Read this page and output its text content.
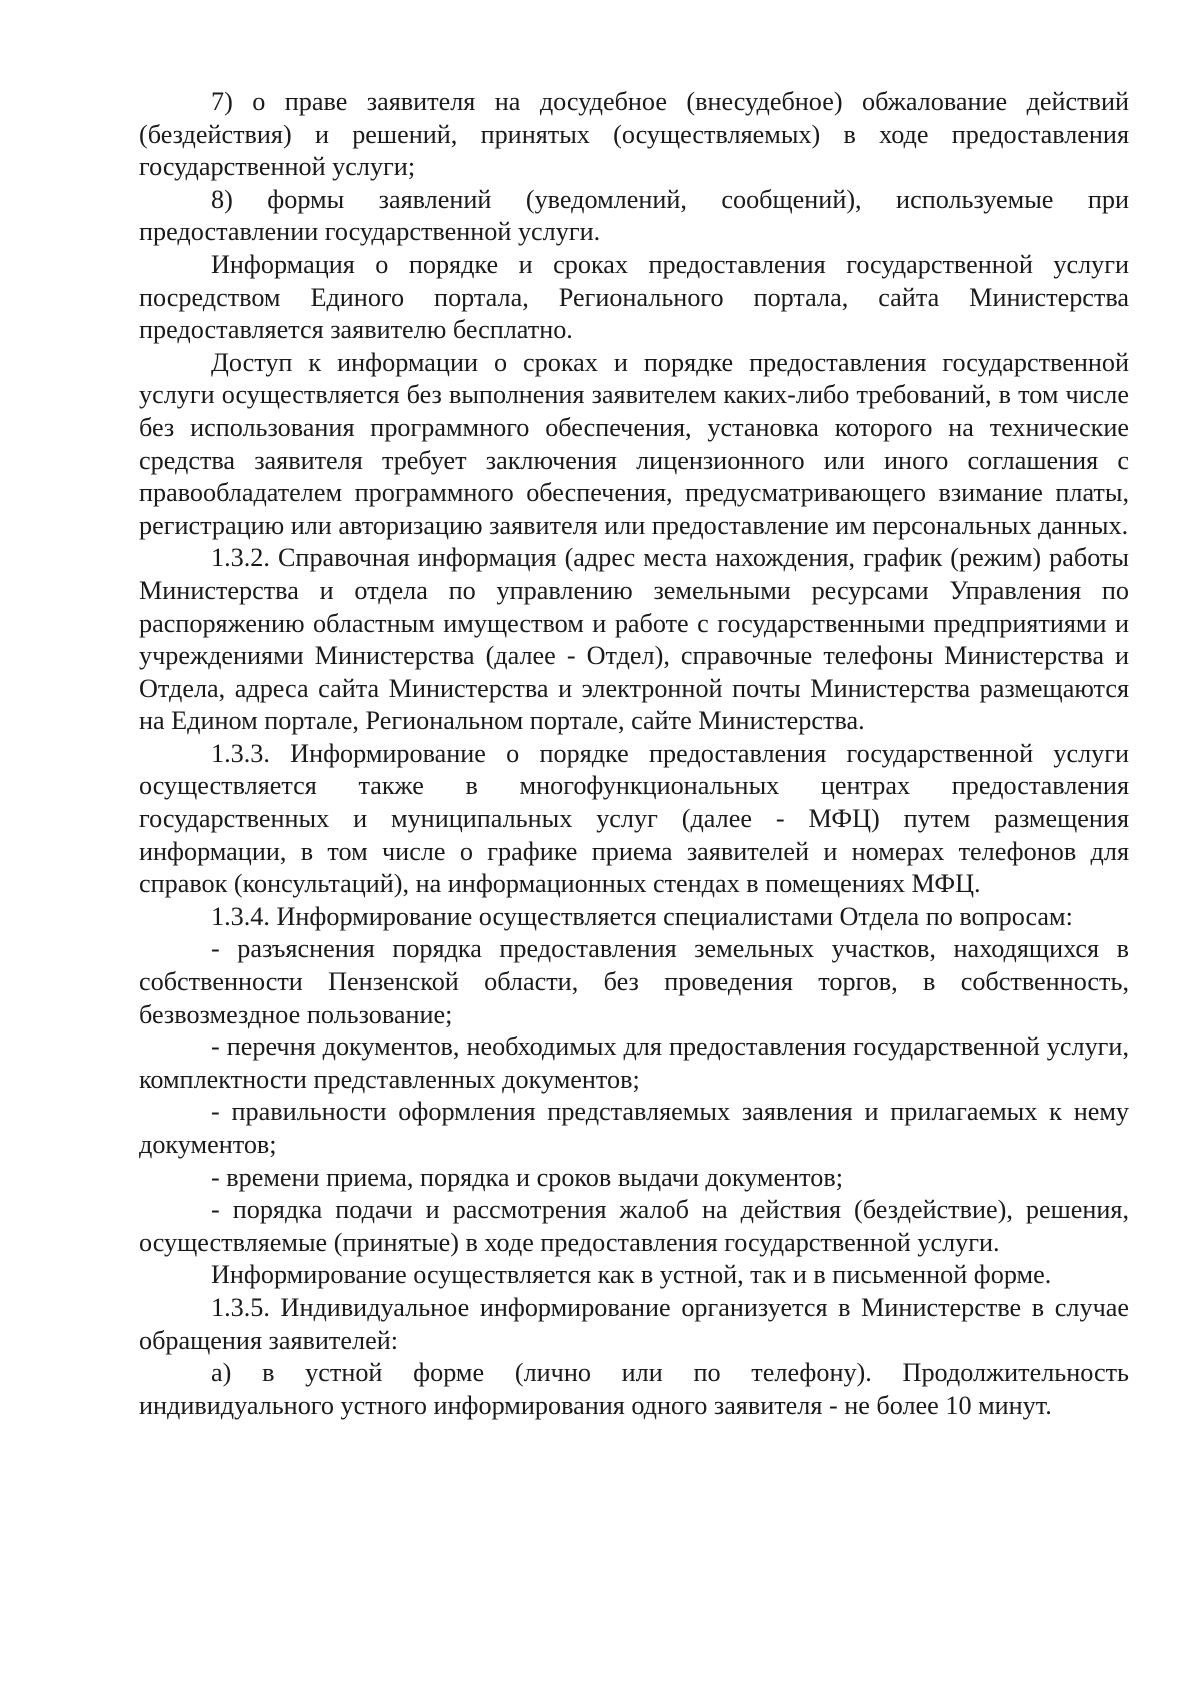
7) о праве заявителя на досудебное (внесудебное) обжалование действий (бездействия) и решений, принятых (осуществляемых) в ходе предоставления государственной услуги;

8) формы заявлений (уведомлений, сообщений), используемые при предоставлении государственной услуги.

Информация о порядке и сроках предоставления государственной услуги посредством Единого портала, Регионального портала, сайта Министерства предоставляется заявителю бесплатно.

Доступ к информации о сроках и порядке предоставления государственной услуги осуществляется без выполнения заявителем каких-либо требований, в том числе без использования программного обеспечения, установка которого на технические средства заявителя требует заключения лицензионного или иного соглашения с правообладателем программного обеспечения, предусматривающего взимание платы, регистрацию или авторизацию заявителя или предоставление им персональных данных.

1.3.2. Справочная информация (адрес места нахождения, график (режим) работы Министерства и отдела по управлению земельными ресурсами Управления по распоряжению областным имуществом и работе с государственными предприятиями и учреждениями Министерства (далее - Отдел), справочные телефоны Министерства и Отдела, адреса сайта Министерства и электронной почты Министерства размещаются на Едином портале, Региональном портале, сайте Министерства.

1.3.3. Информирование о порядке предоставления государственной услуги осуществляется также в многофункциональных центрах предоставления государственных и муниципальных услуг (далее - МФЦ) путем размещения информации, в том числе о графике приема заявителей и номерах телефонов для справок (консультаций), на информационных стендах в помещениях МФЦ.

1.3.4. Информирование осуществляется специалистами Отдела по вопросам:

- разъяснения порядка предоставления земельных участков, находящихся в собственности Пензенской области, без проведения торгов, в собственность, безвозмездное пользование;

- перечня документов, необходимых для предоставления государственной услуги, комплектности представленных документов;

- правильности оформления представляемых заявления и прилагаемых к нему документов;

- времени приема, порядка и сроков выдачи документов;

- порядка подачи и рассмотрения жалоб на действия (бездействие), решения, осуществляемые (принятые) в ходе предоставления государственной услуги.

Информирование осуществляется как в устной, так и в письменной форме.

1.3.5. Индивидуальное информирование организуется в Министерстве в случае обращения заявителей:

а) в устной форме (лично или по телефону). Продолжительность индивидуального устного информирования одного заявителя - не более 10 минут.
